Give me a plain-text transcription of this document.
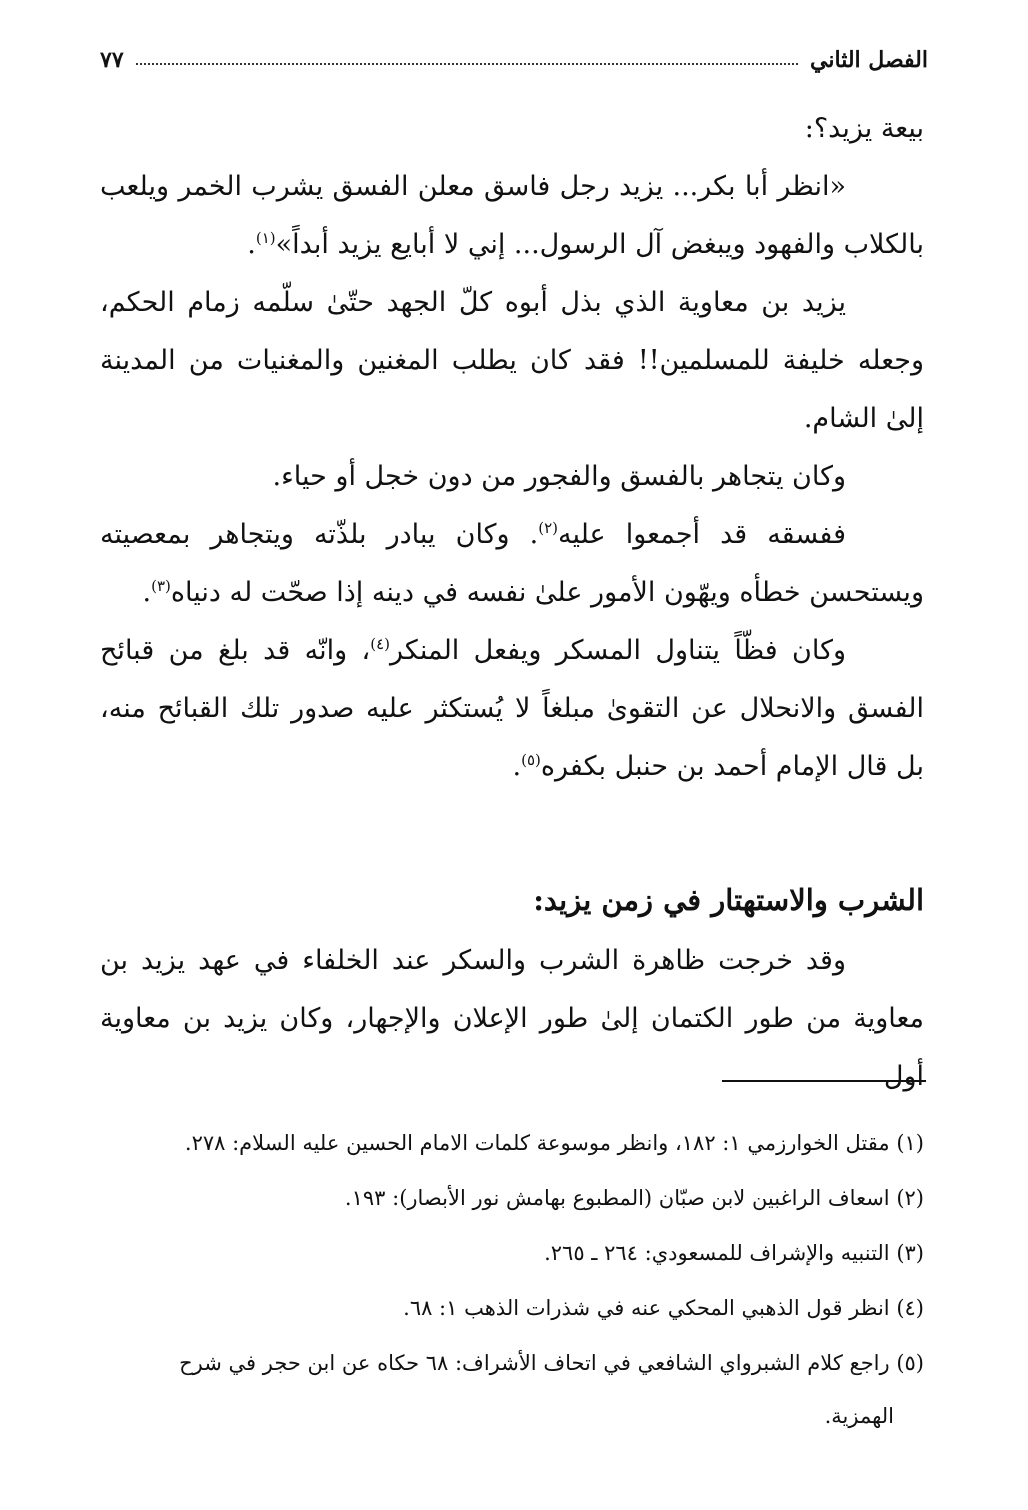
الفصل الثاني
٧٧

بيعة يزيد؟:

«انظر أبا بكر... يزيد رجل فاسق معلن الفسق يشرب الخمر ويلعب بالكلاب والفهود ويبغض آل الرسول... إني لا أبايع يزيد أبداً»$^{(١)}$.

يزيد بن معاوية الذي بذل أبوه كلّ الجهد حتّىٰ سلّمه زمام الحكم، وجعله خليفة للمسلمين!! فقد كان يطلب المغنين والمغنيات من المدينة إلىٰ الشام.

وكان يتجاهر بالفسق والفجور من دون خجل أو حياء.

ففسقه قد أجمعوا عليه$^{(٢)}$. وكان يبادر بلذّته ويتجاهر بمعصيته ويستحسن خطأه ويهّون الأمور علىٰ نفسه في دينه إذا صحّت له دنياه$^{(٣)}$.

وكان فظّاً يتناول المسكر ويفعل المنكر$^{(٤)}$، وانّه قد بلغ من قبائح الفسق والانحلال عن التقوىٰ مبلغاً لا يُستكثر عليه صدور تلك القبائح منه، بل قال الإمام أحمد بن حنبل بكفره$^{(٥)}$.

الشرب والاستهتار في زمن يزيد:

وقد خرجت ظاهرة الشرب والسكر عند الخلفاء في عهد يزيد بن معاوية من طور الكتمان إلىٰ طور الإعلان والإجهار، وكان يزيد بن معاوية أول

(١) مقتل الخوارزمي ١: ١٨٢، وانظر موسوعة كلمات الامام الحسين عليه السلام: ٢٧٨.

(٢) اسعاف الراغبين لابن صبّان (المطبوع بهامش نور الأبصار): ١٩٣.

(٣) التنبيه والإشراف للمسعودي: ٢٦٤ ـ ٢٦٥.

(٤) انظر قول الذهبي المحكي عنه في شذرات الذهب ١: ٦٨.

(٥) راجع كلام الشبرواي الشافعي في اتحاف الأشراف: ٦٨ حكاه عن ابن حجر في شرح

الهمزية.
